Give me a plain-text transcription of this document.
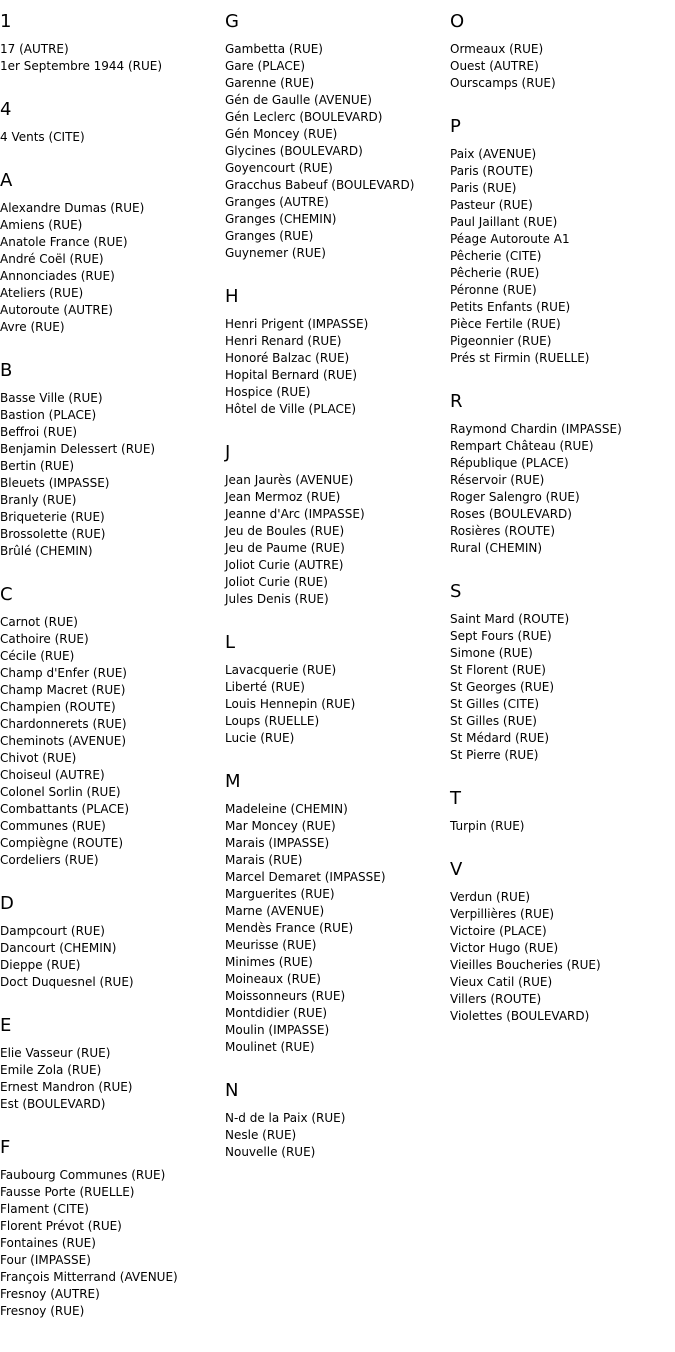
1
17 (AUTRE)
1er Septembre 1944 (RUE)
4
4 Vents (CITE)
A
Alexandre Dumas (RUE)
Amiens (RUE)
Anatole France (RUE)
André Coël (RUE)
Annonciades (RUE)
Ateliers (RUE)
Autoroute (AUTRE)
Avre (RUE)
B
Basse Ville (RUE)
Bastion (PLACE)
Beffroi (RUE)
Benjamin Delessert (RUE)
Bertin (RUE)
Bleuets (IMPASSE)
Branly (RUE)
Briqueterie (RUE)
Brossolette (RUE)
Brûlé (CHEMIN)
C
Carnot (RUE)
Cathoire (RUE)
Cécile (RUE)
Champ d'Enfer (RUE)
Champ Macret (RUE)
Champien (ROUTE)
Chardonnerets (RUE)
Cheminots (AVENUE)
Chivot (RUE)
Choiseul (AUTRE)
Colonel Sorlin (RUE)
Combattants (PLACE)
Communes (RUE)
Compiègne (ROUTE)
Cordeliers (RUE)
D
Dampcourt (RUE)
Dancourt (CHEMIN)
Dieppe (RUE)
Doct Duquesnel (RUE)
E
Elie Vasseur (RUE)
Emile Zola (RUE)
Ernest Mandron (RUE)
Est (BOULEVARD)
F
Faubourg Communes (RUE)
Fausse Porte (RUELLE)
Flament (CITE)
Florent Prévot (RUE)
Fontaines (RUE)
Four (IMPASSE)
François Mitterrand (AVENUE)
Fresnoy (AUTRE)
Fresnoy (RUE)
G
Gambetta (RUE)
Gare (PLACE)
Garenne (RUE)
Gén de Gaulle (AVENUE)
Gén Leclerc (BOULEVARD)
Gén Moncey (RUE)
Glycines (BOULEVARD)
Goyencourt (RUE)
Gracchus Babeuf (BOULEVARD)
Granges (AUTRE)
Granges (CHEMIN)
Granges (RUE)
Guynemer (RUE)
H
Henri Prigent (IMPASSE)
Henri Renard (RUE)
Honoré Balzac (RUE)
Hopital Bernard (RUE)
Hospice (RUE)
Hôtel de Ville (PLACE)
J
Jean Jaurès (AVENUE)
Jean Mermoz (RUE)
Jeanne d'Arc (IMPASSE)
Jeu de Boules (RUE)
Jeu de Paume (RUE)
Joliot Curie (AUTRE)
Joliot Curie (RUE)
Jules Denis (RUE)
L
Lavacquerie (RUE)
Liberté (RUE)
Louis Hennepin (RUE)
Loups (RUELLE)
Lucie (RUE)
M
Madeleine (CHEMIN)
Mar Moncey (RUE)
Marais (IMPASSE)
Marais (RUE)
Marcel Demaret (IMPASSE)
Marguerites (RUE)
Marne (AVENUE)
Mendès France (RUE)
Meurisse (RUE)
Minimes (RUE)
Moineaux (RUE)
Moissonneurs (RUE)
Montdidier (RUE)
Moulin (IMPASSE)
Moulinet (RUE)
N
N-d de la Paix (RUE)
Nesle (RUE)
Nouvelle (RUE)
O
Ormeaux (RUE)
Ouest (AUTRE)
Ourscamps (RUE)
P
Paix (AVENUE)
Paris (ROUTE)
Paris (RUE)
Pasteur (RUE)
Paul Jaillant (RUE)
Péage Autoroute A1
Pêcherie (CITE)
Pêcherie (RUE)
Péronne (RUE)
Petits Enfants (RUE)
Pièce Fertile (RUE)
Pigeonnier (RUE)
Prés st Firmin (RUELLE)
R
Raymond Chardin (IMPASSE)
Rempart Château (RUE)
République (PLACE)
Réservoir (RUE)
Roger Salengro (RUE)
Roses (BOULEVARD)
Rosières (ROUTE)
Rural (CHEMIN)
S
Saint Mard (ROUTE)
Sept Fours (RUE)
Simone (RUE)
St Florent (RUE)
St Georges (RUE)
St Gilles (CITE)
St Gilles (RUE)
St Médard (RUE)
St Pierre (RUE)
T
Turpin (RUE)
V
Verdun (RUE)
Verpillières (RUE)
Victoire (PLACE)
Victor Hugo (RUE)
Vieilles Boucheries (RUE)
Vieux Catil (RUE)
Villers (ROUTE)
Violettes (BOULEVARD)
